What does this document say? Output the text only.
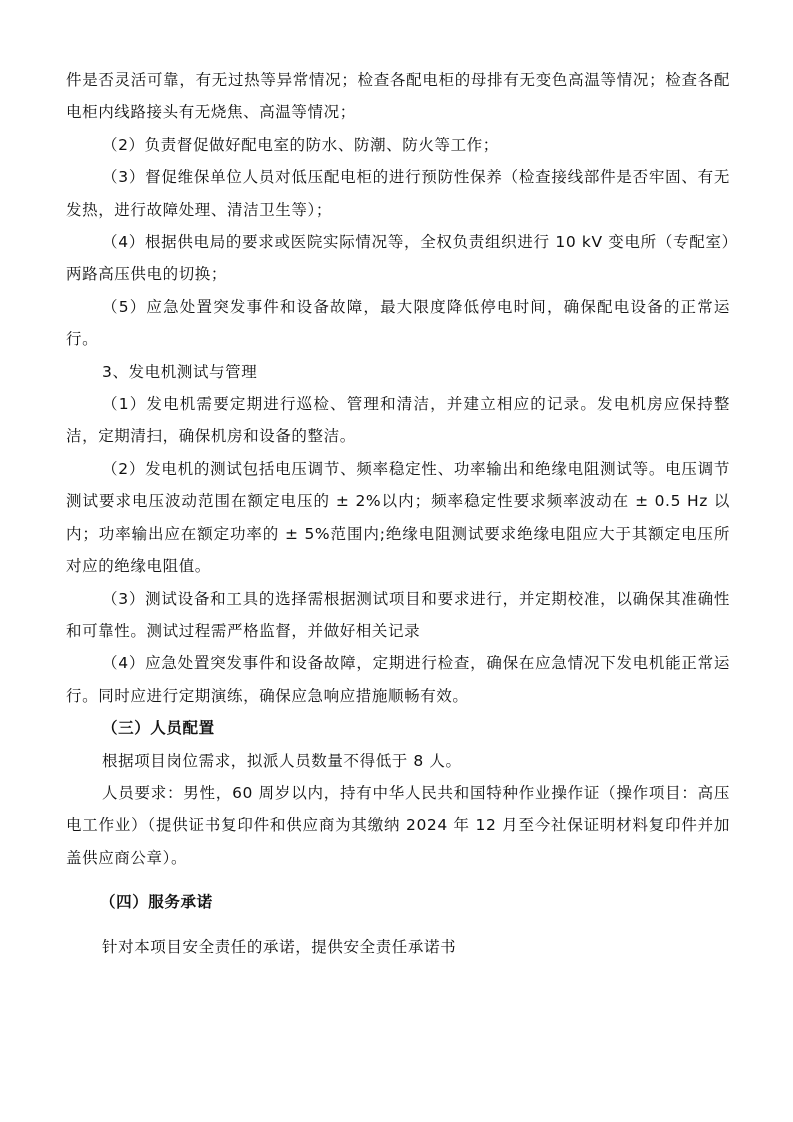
件是否灵活可靠，有无过热等异常情况；检查各配电柜的母排有无变色高温等情况；检查各配电柜内线路接头有无烧焦、高温等情况；

（2）负责督促做好配电室的防水、防潮、防火等工作；

（3）督促维保单位人员对低压配电柜的进行预防性保养（检查接线部件是否牢固、有无发热，进行故障处理、清洁卫生等）；

（4）根据供电局的要求或医院实际情况等，全权负责组织进行 10 kV 变电所（专配室）两路高压供电的切换；

（5）应急处置突发事件和设备故障，最大限度降低停电时间，确保配电设备的正常运行。

3、发电机测试与管理

（1）发电机需要定期进行巡检、管理和清洁，并建立相应的记录。发电机房应保持整洁，定期清扫，确保机房和设备的整洁。

（2）发电机的测试包括电压调节、频率稳定性、功率输出和绝缘电阻测试等。电压调节测试要求电压波动范围在额定电压的 ± 2%以内；频率稳定性要求频率波动在 ± 0.5 Hz 以内；功率输出应在额定功率的 ± 5%范围内;绝缘电阻测试要求绝缘电阻应大于其额定电压所对应的绝缘电阻值。

（3）测试设备和工具的选择需根据测试项目和要求进行，并定期校准，以确保其准确性和可靠性。测试过程需严格监督，并做好相关记录

（4）应急处置突发事件和设备故障，定期进行检查，确保在应急情况下发电机能正常运行。同时应进行定期演练，确保应急响应措施顺畅有效。

（三）人员配置

根据项目岗位需求，拟派人员数量不得低于 8 人。

人员要求：男性，60 周岁以内，持有中华人民共和国特种作业操作证（操作项目：高压电工作业）（提供证书复印件和供应商为其缴纳 2024 年 12 月至今社保证明材料复印件并加盖供应商公章）。

（四）服务承诺

针对本项目安全责任的承诺，提供安全责任承诺书
